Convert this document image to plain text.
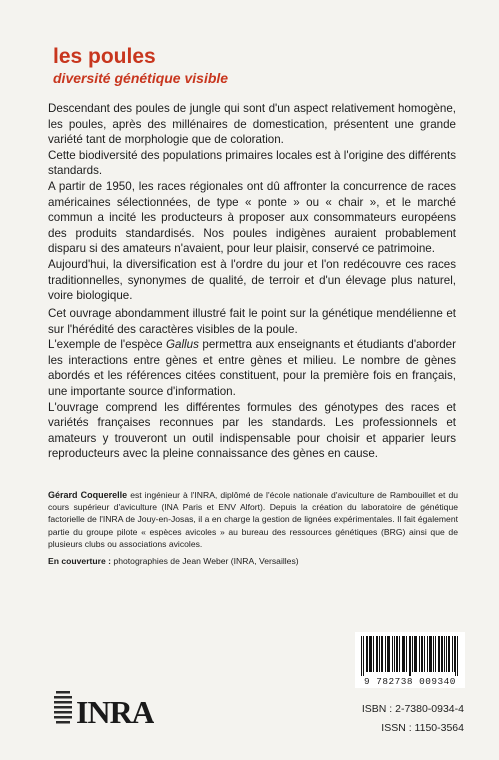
les poules
diversité génétique visible

Descendant des poules de jungle qui sont d'un aspect relativement homogène, les poules, après des millénaires de domestication, présentent une grande variété tant de morphologie que de coloration.

Cette biodiversité des populations primaires locales est à l'origine des différents standards.

A partir de 1950, les races régionales ont dû affronter la concurrence de races américaines sélectionnées, de type « ponte » ou « chair », et le marché commun a incité les producteurs à proposer aux consommateurs européens des produits standardisés. Nos poules indigènes auraient probablement disparu si des amateurs n'avaient, pour leur plaisir, conservé ce patrimoine.

Aujourd'hui, la diversification est à l'ordre du jour et l'on redécouvre ces races traditionnelles, synonymes de qualité, de terroir et d'un élevage plus naturel, voire biologique.

Cet ouvrage abondamment illustré fait le point sur la génétique mendélienne et sur l'hérédité des caractères visibles de la poule.

L'exemple de l'espèce Gallus permettra aux enseignants et étudiants d'aborder les interactions entre gènes et entre gènes et milieu. Le nombre de gènes abordés et les références citées constituent, pour la première fois en français, une importante source d'information.

L'ouvrage comprend les différentes formules des génotypes des races et variétés françaises reconnues par les standards. Les professionnels et amateurs y trouveront un outil indispensable pour choisir et apparier leurs reproducteurs avec la pleine connaissance des gènes en cause.

Gérard Coquerelle est ingénieur à l'INRA, diplômé de l'école nationale d'aviculture de Rambouillet et du cours supérieur d'aviculture (INA Paris et ENV Alfort). Depuis la création du laboratoire de génétique factorielle de l'INRA de Jouy-en-Josas, il a en charge la gestion de lignées expérimentales. Il fait également partie du groupe pilote « espèces avicoles » au bureau des ressources génétiques (BRG) ainsi que de plusieurs clubs ou associations avicoles.

En couverture : photographies de Jean Weber (INRA, Versailles)

9 782738 009340

ISBN : 2-7380-0934-4

ISSN : 1150-3564

INRA
